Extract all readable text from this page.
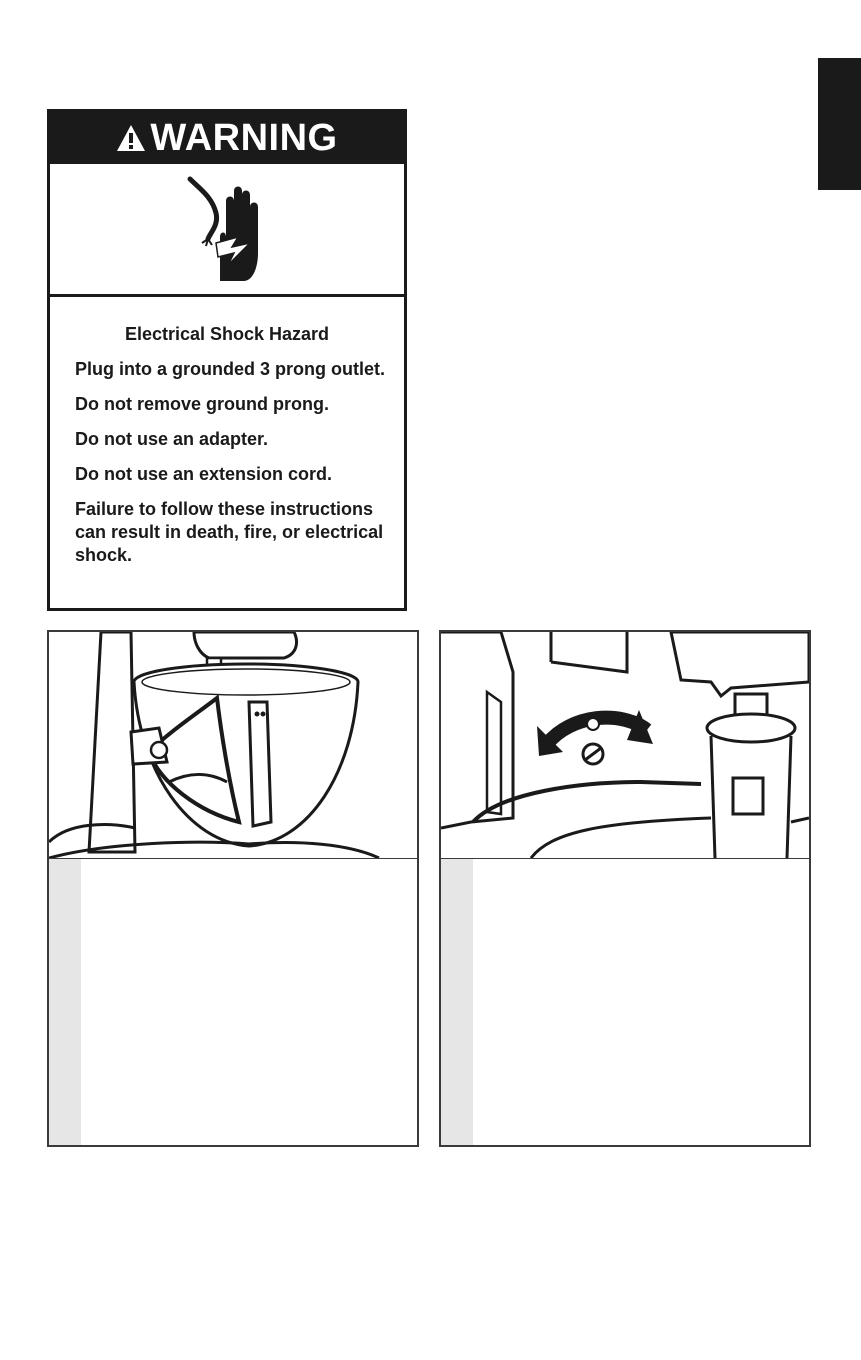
WARNING
Electrical Shock Hazard

Plug into a grounded 3 prong outlet.

Do not remove ground prong.

Do not use an adapter.

Do not use an extension cord.

Failure to follow these instructions can result in death, fire, or electrical shock.
